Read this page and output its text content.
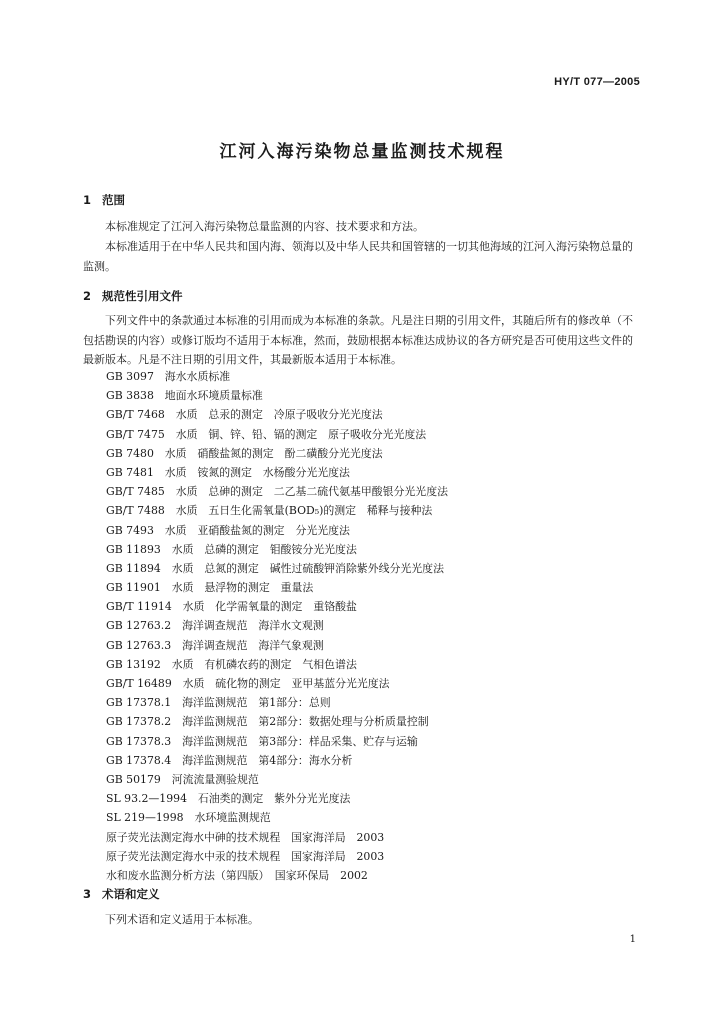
HY/T 077—2005
江河入海污染物总量监测技术规程
1 范围
本标准规定了江河入海污染物总量监测的内容、技术要求和方法。
本标准适用于在中华人民共和国内海、领海以及中华人民共和国管辖的一切其他海域的江河入海污染物总量的监测。
2 规范性引用文件
下列文件中的条款通过本标准的引用而成为本标准的条款。凡是注日期的引用文件，其随后所有的修改单（不包括勘误的内容）或修订版均不适用于本标准，然而，鼓励根据本标准达成协议的各方研究是否可使用这些文件的最新版本。凡是不注日期的引用文件，其最新版本适用于本标准。
GB 3097　海水水质标准
GB 3838　地面水环境质量标准
GB/T 7468　水质　总汞的测定　冷原子吸收分光光度法
GB/T 7475　水质　铜、锌、铅、镉的测定　原子吸收分光光度法
GB 7480　水质　硝酸盐氮的测定　酚二磺酸分光光度法
GB 7481　水质　铵氮的测定　水杨酸分光光度法
GB/T 7485　水质　总砷的测定　二乙基二硫代氨基甲酸银分光光度法
GB/T 7488　水质　五日生化需氧量(BOD₅)的测定　稀释与接种法
GB 7493　水质　亚硝酸盐氮的测定　分光光度法
GB 11893　水质　总磷的测定　钼酸铵分光光度法
GB 11894　水质　总氮的测定　碱性过硫酸钾消除紫外线分光光度法
GB 11901　水质　悬浮物的测定　重量法
GB/T 11914　水质　化学需氧量的测定　重铬酸盐
GB 12763.2　海洋调查规范　海洋水文观测
GB 12763.3　海洋调查规范　海洋气象观测
GB 13192　水质　有机磷农药的测定　气相色谱法
GB/T 16489　水质　硫化物的测定　亚甲基蓝分光光度法
GB 17378.1　海洋监测规范　第1部分：总则
GB 17378.2　海洋监测规范　第2部分：数据处理与分析质量控制
GB 17378.3　海洋监测规范　第3部分：样品采集、贮存与运输
GB 17378.4　海洋监测规范　第4部分：海水分析
GB 50179　河流流量测验规范
SL 93.2—1994　石油类的测定　紫外分光光度法
SL 219—1998　水环境监测规范
原子荧光法测定海水中砷的技术规程　国家海洋局　2003
原子荧光法测定海水中汞的技术规程　国家海洋局　2003
水和废水监测分析方法（第四版）　国家环保局　2002
3 术语和定义
下列术语和定义适用于本标准。
1
